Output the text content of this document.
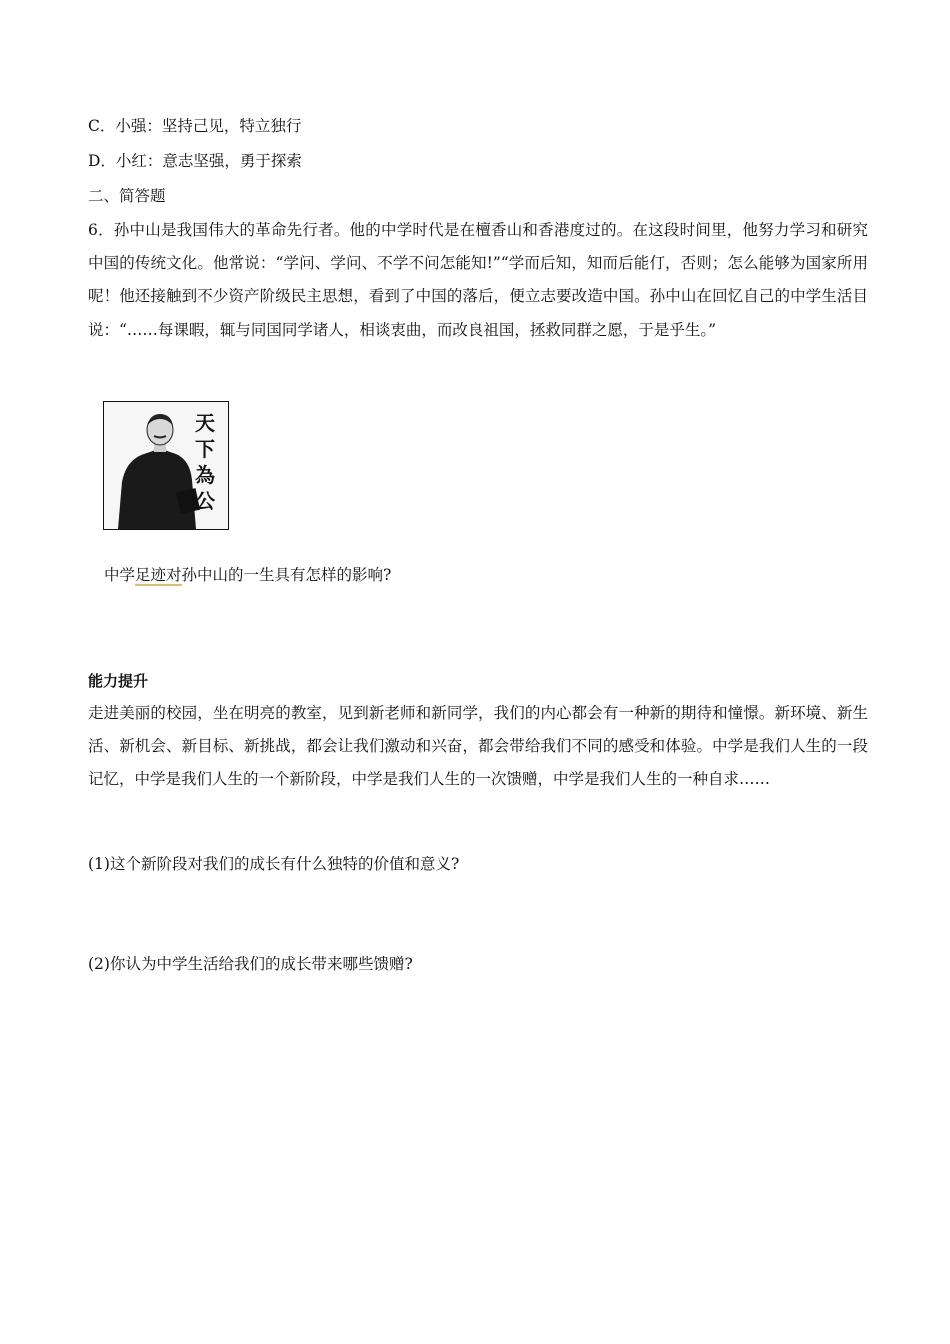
C．小强：坚持己见，特立独行
D．小红：意志坚强，勇于探索
二、简答题
6．孙中山是我国伟大的革命先行者。他的中学时代是在檀香山和香港度过的。在这段时间里，他努力学习和研究中国的传统文化。他常说：“学问、学问、不学不问怎能知!”“学而后知，知而后能仃，否则；怎么能够为国家所用呢！他还接触到不少资产阶级民主思想，看到了中国的落后，便立志要改造中国。孙中山在回忆自己的中学生活目说：“……每课暇，辄与同国同学诸人，相谈衷曲，而改良祖国，拯救同群之愿，于是乎生。”
天下為公
中学足迹对孙中山的一生具有怎样的影响?
能力提升
走进美丽的校园，坐在明亮的教室，见到新老师和新同学，我们的内心都会有一种新的期待和憧憬。新环境、新生活、新机会、新目标、新挑战，都会让我们激动和兴奋，都会带给我们不同的感受和体验。中学是我们人生的一段记忆，中学是我们人生的一个新阶段，中学是我们人生的一次馈赠，中学是我们人生的一种自求……
(1)这个新阶段对我们的成长有什么独特的价值和意义?
(2)你认为中学生活给我们的成长带来哪些馈赠?
